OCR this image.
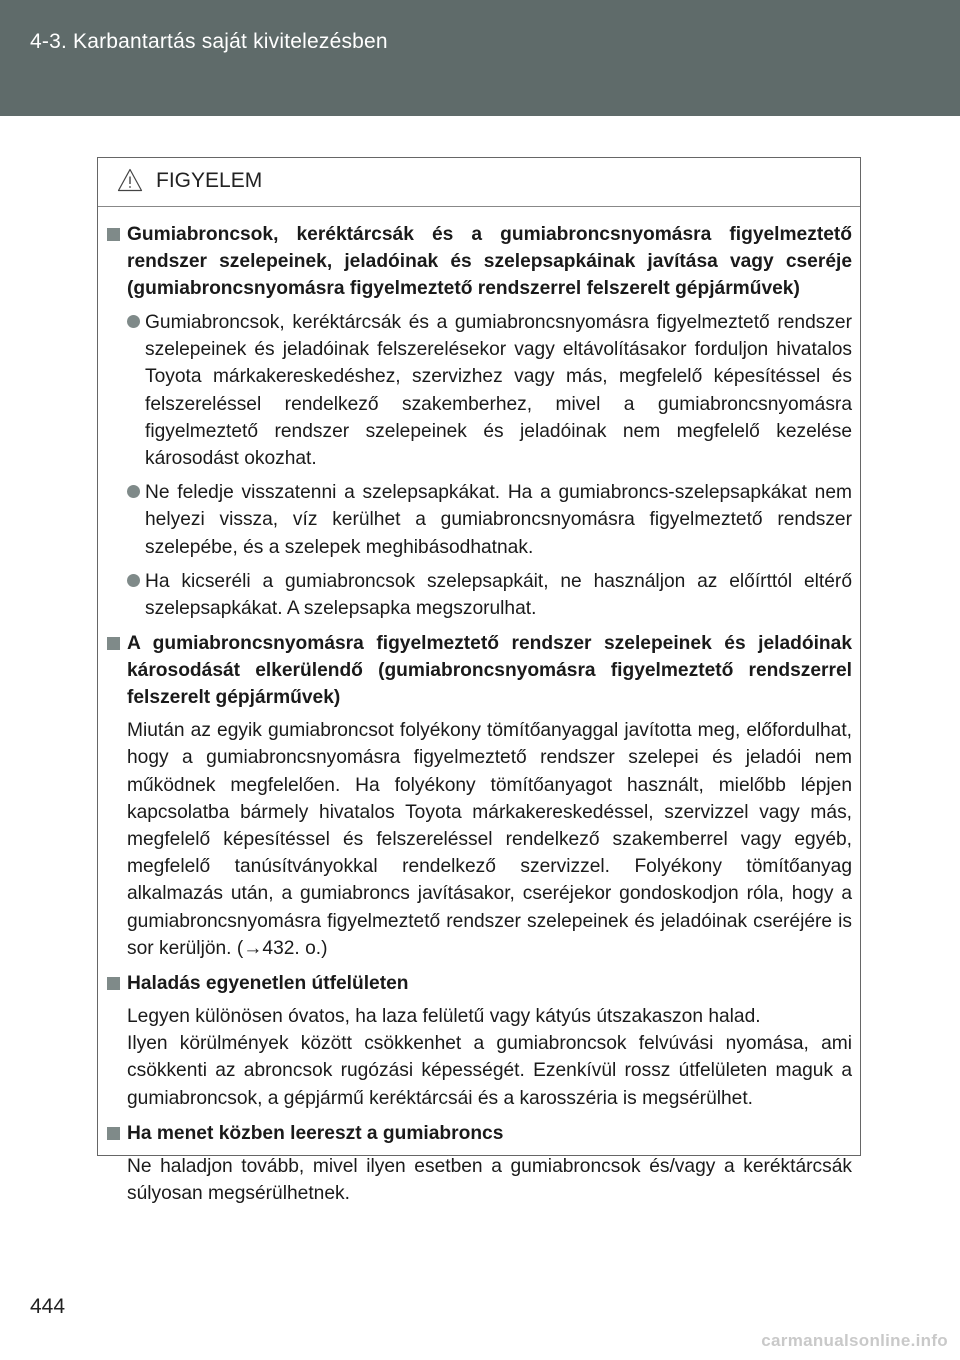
4-3. Karbantartás saját kivitelezésben
FIGYELEM
Gumiabroncsok, keréktárcsák és a gumiabroncsnyomásra figyelmeztető rendszer szelepeinek, jeladóinak és szelepsapkáinak javítása vagy cseréje (gumiabroncsnyomásra figyelmeztető rendszerrel felszerelt gépjárművek)
Gumiabroncsok, keréktárcsák és a gumiabroncsnyomásra figyelmeztető rendszer szelepeinek és jeladóinak felszerelésekor vagy eltávolításakor forduljon hivatalos Toyota márkakereskedéshez, szervizhez vagy más, megfelelő képesítéssel és felszereléssel rendelkező szakemberhez, mivel a gumiabroncsnyomásra figyelmeztető rendszer szelepeinek és jeladóinak nem megfelelő kezelése károsodást okozhat.
Ne feledje visszatenni a szelepsapkákat. Ha a gumiabroncs-szelepsapkákat nem helyezi vissza, víz kerülhet a gumiabroncsnyomásra figyelmeztető rendszer szelepébe, és a szelepek meghibásodhatnak.
Ha kicseréli a gumiabroncsok szelepsapkáit, ne használjon az előírttól eltérő szelepsapkákat. A szelepsapka megszorulhat.
A gumiabroncsnyomásra figyelmeztető rendszer szelepeinek és jeladóinak károsodását elkerülendő (gumiabroncsnyomásra figyelmeztető rendszerrel felszerelt gépjárművek)
Miután az egyik gumiabroncsot folyékony tömítőanyaggal javította meg, előfordulhat, hogy a gumiabroncsnyomásra figyelmeztető rendszer szelepei és jeladói nem működnek megfelelően. Ha folyékony tömítőanyagot használt, mielőbb lépjen kapcsolatba bármely hivatalos Toyota márkakereskedéssel, szervizzel vagy más, megfelelő képesítéssel és felszereléssel rendelkező szakemberrel vagy egyéb, megfelelő tanúsítványokkal rendelkező szervizzel. Folyékony tömítőanyag alkalmazás után, a gumiabroncs javításakor, cseréjekor gondoskodjon róla, hogy a gumiabroncsnyomásra figyelmeztető rendszer szelepeinek és jeladóinak cseréjére is sor kerüljön. (→432. o.)
Haladás egyenetlen útfelületen
Legyen különösen óvatos, ha laza felületű vagy kátyús útszakaszon halad.
Ilyen körülmények között csökkenhet a gumiabroncsok felvúvási nyomása, ami csökkenti az abroncsok rugózási képességét. Ezenkívül rossz útfelületen maguk a gumiabroncsok, a gépjármű keréktárcsái és a karosszéria is megsérülhet.
Ha menet közben leereszt a gumiabroncs
Ne haladjon tovább, mivel ilyen esetben a gumiabroncsok és/vagy a keréktárcsák súlyosan megsérülhetnek.
444
carmanualsonline.info
